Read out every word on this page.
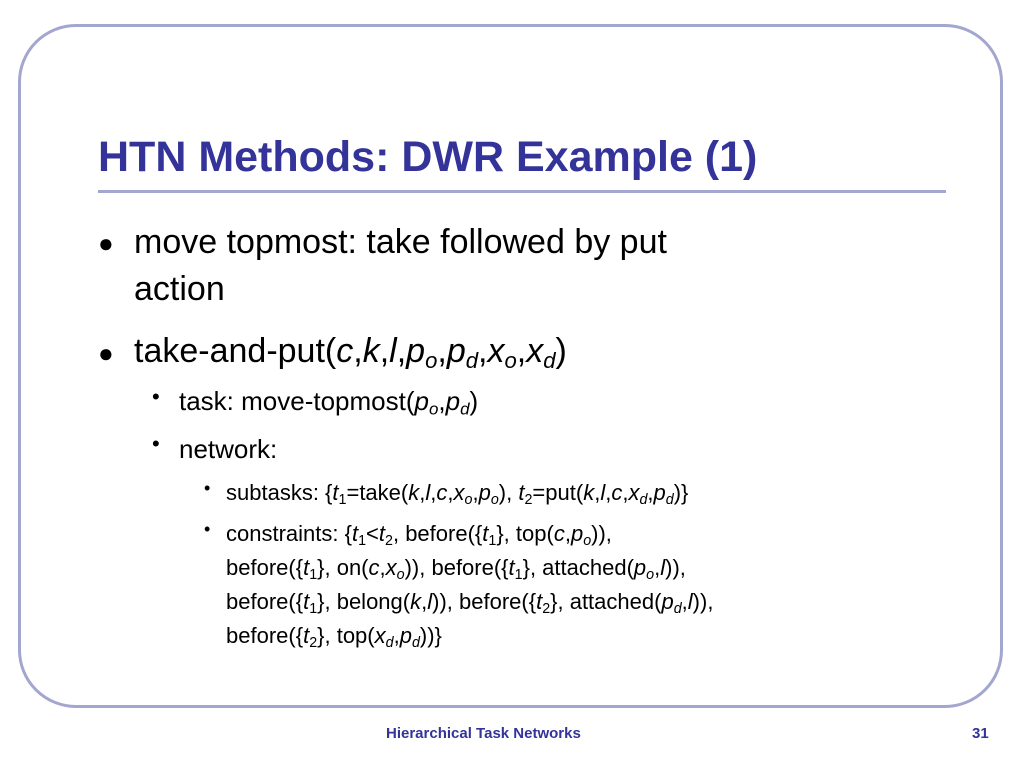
HTN Methods: DWR Example (1)
● move topmost: take followed by put
action
● take-$and-put(c,k,l,p_o,p_d,x_o,x_d)$
• task: move-$topmost(p_o,p_d)$
• network:
• subtasks: {$t_1=take(k,l,c,x_o,p_o)$, $t_2=put(k,l,c,x_d,p_d)$}
• constraints: {$t_1<t_2$, $before(\{t_1\}$, $top(c,p_o)$),
$before(\{t_1\}$, $on(c,x_o)$), $before(\{t_1\}$, $attached(p_o,l)$),
$before(\{t_1\}$, belong(k,l)), $before(\{t_2\}$, $attached(p_d,l)$),
$before(\{t_2\}$, $top(x_d,p_d)$)}
Hierarchical Task Networks	31
